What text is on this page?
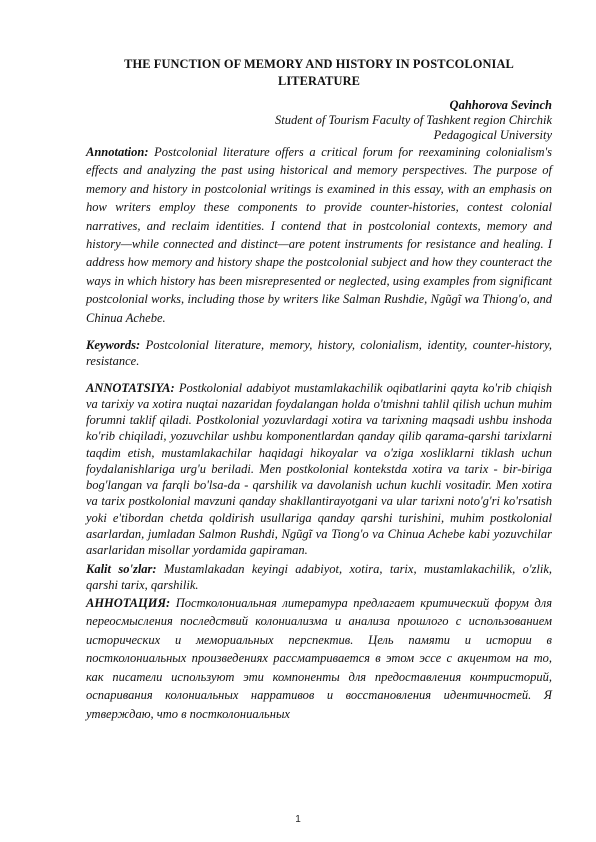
THE FUNCTION OF MEMORY AND HISTORY IN POSTCOLONIAL
LITERATURE

Qahhorova Sevinch

Student of Tourism Faculty of Tashkent region Chirchik

Pedagogical University

Annotation: Postcolonial literature offers a critical forum for reexamining colonialism's effects and analyzing the past using historical and memory perspectives. The purpose of memory and history in postcolonial writings is examined in this essay, with an emphasis on how writers employ these components to provide counter-histories, contest colonial narratives, and reclaim identities. I contend that in postcolonial contexts, memory and history—while connected and distinct—are potent instruments for resistance and healing. I address how memory and history shape the postcolonial subject and how they counteract the ways in which history has been misrepresented or neglected, using examples from significant postcolonial works, including those by writers like Salman Rushdie, Ngũgĩ wa Thiong'o, and Chinua Achebe.

Keywords: Postcolonial literature, memory, history, colonialism, identity, counter-history, resistance.

ANNOTATSIYA: Postkolonial adabiyot mustamlakachilik oqibatlarini qayta ko'rib chiqish va tarixiy va xotira nuqtai nazaridan foydalangan holda o'tmishni tahlil qilish uchun muhim forumni taklif qiladi. Postkolonial yozuvlardagi xotira va tarixning maqsadi ushbu inshoda ko'rib chiqiladi, yozuvchilar ushbu komponentlardan qanday qilib qarama-qarshi tarixlarni taqdim etish, mustamlakachilar haqidagi hikoyalar va o'ziga xosliklarni tiklash uchun foydalanishlariga urg'u beriladi. Men postkolonial kontekstda xotira va tarix - bir-biriga bog'langan va farqli bo'lsa-da - qarshilik va davolanish uchun kuchli vositadir. Men xotira va tarix postkolonial mavzuni qanday shakllantirayotgani va ular tarixni noto'g'ri ko'rsatish yoki e'tibordan chetda qoldirish usullariga qanday qarshi turishini, muhim postkolonial asarlardan, jumladan Salmon Rushdi, Ngũgĩ va Tiong'o va Chinua Achebe kabi yozuvchilar asarlaridan misollar yordamida gapiraman.

Kalit so'zlar: Mustamlakadan keyingi adabiyot, xotira, tarix, mustamlakachilik, o'zlik, qarshi tarix, qarshilik.

АННОТАЦИЯ: Постколониальная литература предлагает критический форум для переосмысления последствий колониализма и анализа прошлого с использованием исторических и мемориальных перспектив. Цель памяти и истории в постколониальных произведениях рассматривается в этом эссе с акцентом на то, как писатели используют эти компоненты для предоставления контристорий, оспаривания колониальных нарративов и восстановления идентичностей. Я утверждаю, что в постколониальных

1
